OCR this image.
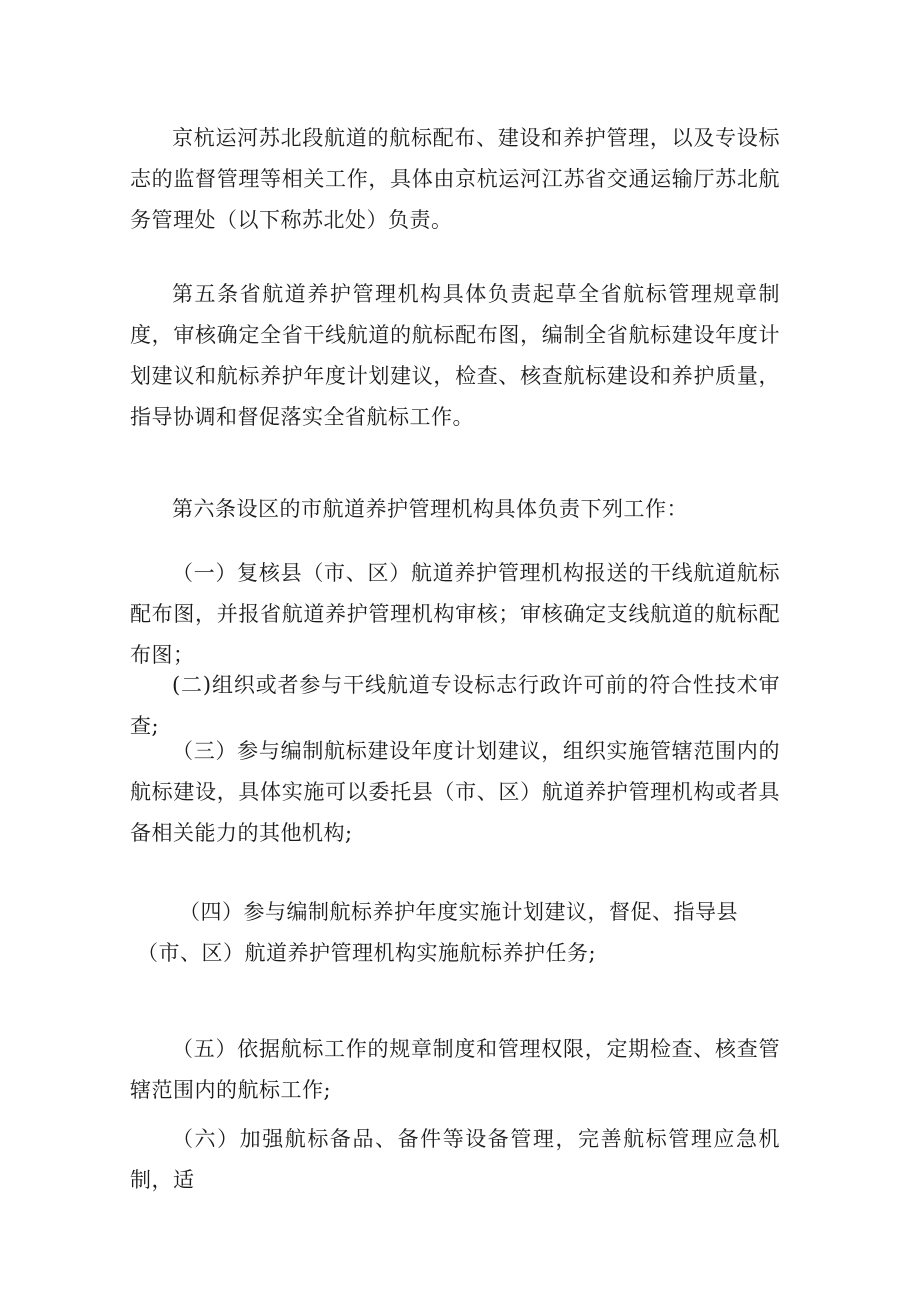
京杭运河苏北段航道的航标配布、建设和养护管理，以及专设标志的监督管理等相关工作，具体由京杭运河江苏省交通运输厅苏北航务管理处（以下称苏北处）负责。

第五条省航道养护管理机构具体负责起草全省航标管理规章制度，审核确定全省干线航道的航标配布图，编制全省航标建设年度计划建议和航标养护年度计划建议，检查、核查航标建设和养护质量，指导协调和督促落实全省航标工作。

第六条设区的市航道养护管理机构具体负责下列工作：

（一）复核县（市、区）航道养护管理机构报送的干线航道航标配布图，并报省航道养护管理机构审核；审核确定支线航道的航标配布图；

(二)组织或者参与干线航道专设标志行政许可前的符合性技术审查;

（三）参与编制航标建设年度计划建议，组织实施管辖范围内的航标建设，具体实施可以委托县（市、区）航道养护管理机构或者具备相关能力的其他机构;

（四）参与编制航标养护年度实施计划建议，督促、指导县
（市、区）航道养护管理机构实施航标养护任务;

（五）依据航标工作的规章制度和管理权限，定期检查、核查管辖范围内的航标工作;

（六）加强航标备品、备件等设备管理，完善航标管理应急机制，适
